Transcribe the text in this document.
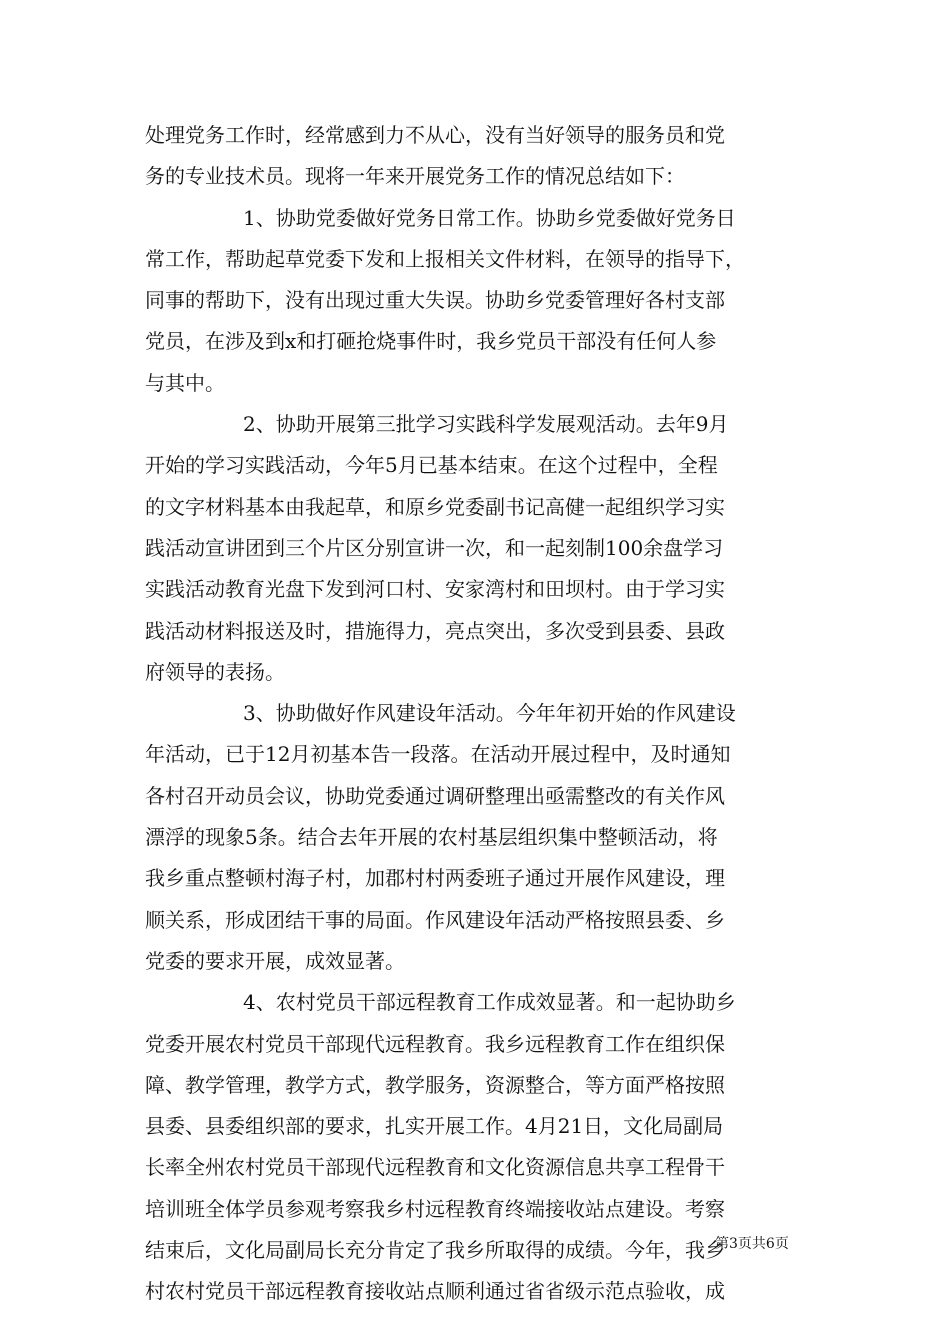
处理党务工作时，经常感到力不从心，没有当好领导的服务员和党
务的专业技术员。现将一年来开展党务工作的情况总结如下：
1、协助党委做好党务日常工作。协助乡党委做好党务日
常工作，帮助起草党委下发和上报相关文件材料，在领导的指导下，
同事的帮助下，没有出现过重大失误。协助乡党委管理好各村支部
党员，在涉及到x和打砸抢烧事件时，我乡党员干部没有任何人参
与其中。
2、协助开展第三批学习实践科学发展观活动。去年9月
开始的学习实践活动，今年5月已基本结束。在这个过程中，全程
的文字材料基本由我起草，和原乡党委副书记高健一起组织学习实
践活动宣讲团到三个片区分别宣讲一次，和一起刻制100余盘学习
实践活动教育光盘下发到河口村、安家湾村和田坝村。由于学习实
践活动材料报送及时，措施得力，亮点突出，多次受到县委、县政
府领导的表扬。
3、协助做好作风建设年活动。今年年初开始的作风建设
年活动，已于12月初基本告一段落。在活动开展过程中，及时通知
各村召开动员会议，协助党委通过调研整理出亟需整改的有关作风
漂浮的现象5条。结合去年开展的农村基层组织集中整顿活动，将
我乡重点整顿村海子村，加郡村村两委班子通过开展作风建设，理
顺关系，形成团结干事的局面。作风建设年活动严格按照县委、乡
党委的要求开展，成效显著。
4、农村党员干部远程教育工作成效显著。和一起协助乡
党委开展农村党员干部现代远程教育。我乡远程教育工作在组织保
障、教学管理，教学方式，教学服务，资源整合，等方面严格按照
县委、县委组织部的要求，扎实开展工作。4月21日，文化局副局
长率全州农村党员干部现代远程教育和文化资源信息共享工程骨干
培训班全体学员参观考察我乡村远程教育终端接收站点建设。考察
结束后，文化局副局长充分肯定了我乡所取得的成绩。今年，我乡
村农村党员干部远程教育接收站点顺利通过省省级示范点验收，成
第3页共6页
